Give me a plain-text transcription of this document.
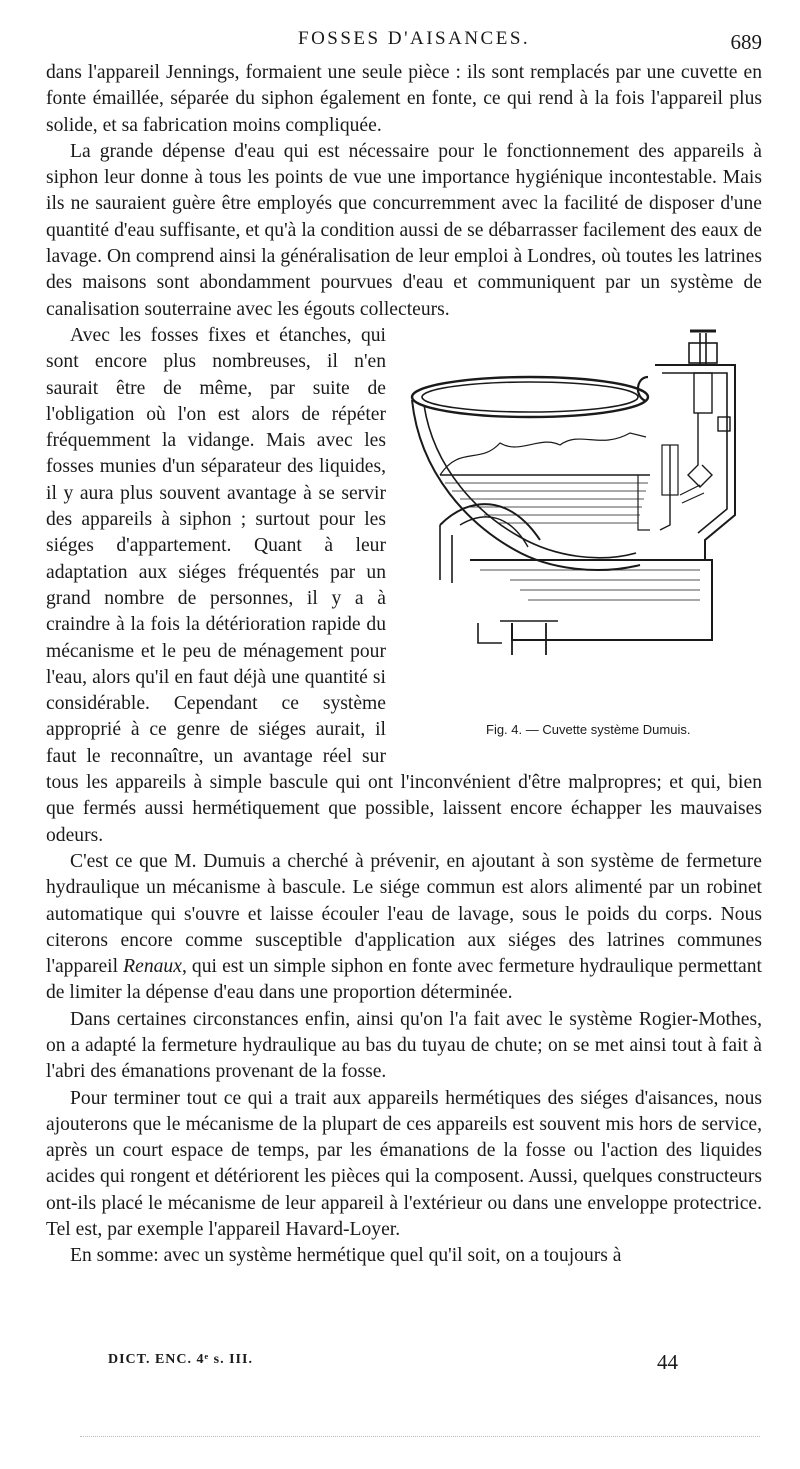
FOSSES D'AISANCES.	689

dans l'appareil Jennings, formaient une seule pièce : ils sont remplacés par une cuvette en fonte émaillée, séparée du siphon également en fonte, ce qui rend à la fois l'appareil plus solide, et sa fabrication moins compliquée.

La grande dépense d'eau qui est nécessaire pour le fonctionnement des appareils à siphon leur donne à tous les points de vue une importance hygiénique incontestable. Mais ils ne sauraient guère être employés que concurremment avec la facilité de disposer d'une quantité d'eau suffisante, et qu'à la condition aussi de se débarrasser facilement des eaux de lavage. On comprend ainsi la généralisation de leur emploi à Londres, où toutes les latrines des maisons sont abondamment pourvues d'eau et communiquent par un système de canalisation souterraine avec les égouts collecteurs.

Fig. 4. — Cuvette système Dumuis.
Avec les fosses fixes et étanches, qui sont encore plus nombreuses, il n'en saurait être de même, par suite de l'obligation où l'on est alors de répéter fréquemment la vidange. Mais avec les fosses munies d'un séparateur des liquides, il y aura plus souvent avantage à se servir des appareils à siphon ; surtout pour les siéges d'appartement. Quant à leur adaptation aux siéges fréquentés par un grand nombre de personnes, il y a à craindre à la fois la détérioration rapide du mécanisme et le peu de ménagement pour l'eau, alors qu'il en faut déjà une quantité si considérable. Cependant ce système approprié à ce genre de siéges aurait, il faut le reconnaître, un avantage réel sur tous les appareils à simple bascule qui ont l'inconvénient d'être malpropres; et qui, bien que fermés aussi hermétiquement que possible, laissent encore échapper les mauvaises odeurs.

C'est ce que M. Dumuis a cherché à prévenir, en ajoutant à son système de fermeture hydraulique un mécanisme à bascule. Le siége commun est alors alimenté par un robinet automatique qui s'ouvre et laisse écouler l'eau de lavage, sous le poids du corps. Nous citerons encore comme susceptible d'application aux siéges des latrines communes l'appareil Renaux, qui est un simple siphon en fonte avec fermeture hydraulique permettant de limiter la dépense d'eau dans une proportion déterminée.

Dans certaines circonstances enfin, ainsi qu'on l'a fait avec le système Rogier-Mothes, on a adapté la fermeture hydraulique au bas du tuyau de chute; on se met ainsi tout à fait à l'abri des émanations provenant de la fosse.

Pour terminer tout ce qui a trait aux appareils hermétiques des siéges d'aisances, nous ajouterons que le mécanisme de la plupart de ces appareils est souvent mis hors de service, après un court espace de temps, par les émanations de la fosse ou l'action des liquides acides qui rongent et détériorent les pièces qui la composent. Aussi, quelques constructeurs ont-ils placé le mécanisme de leur appareil à l'extérieur ou dans une enveloppe protectrice. Tel est, par exemple l'appareil Havard-Loyer.

En somme: avec un système hermétique quel qu'il soit, on a toujours à

DICT. ENC. 4ᵉ s. III.	44
